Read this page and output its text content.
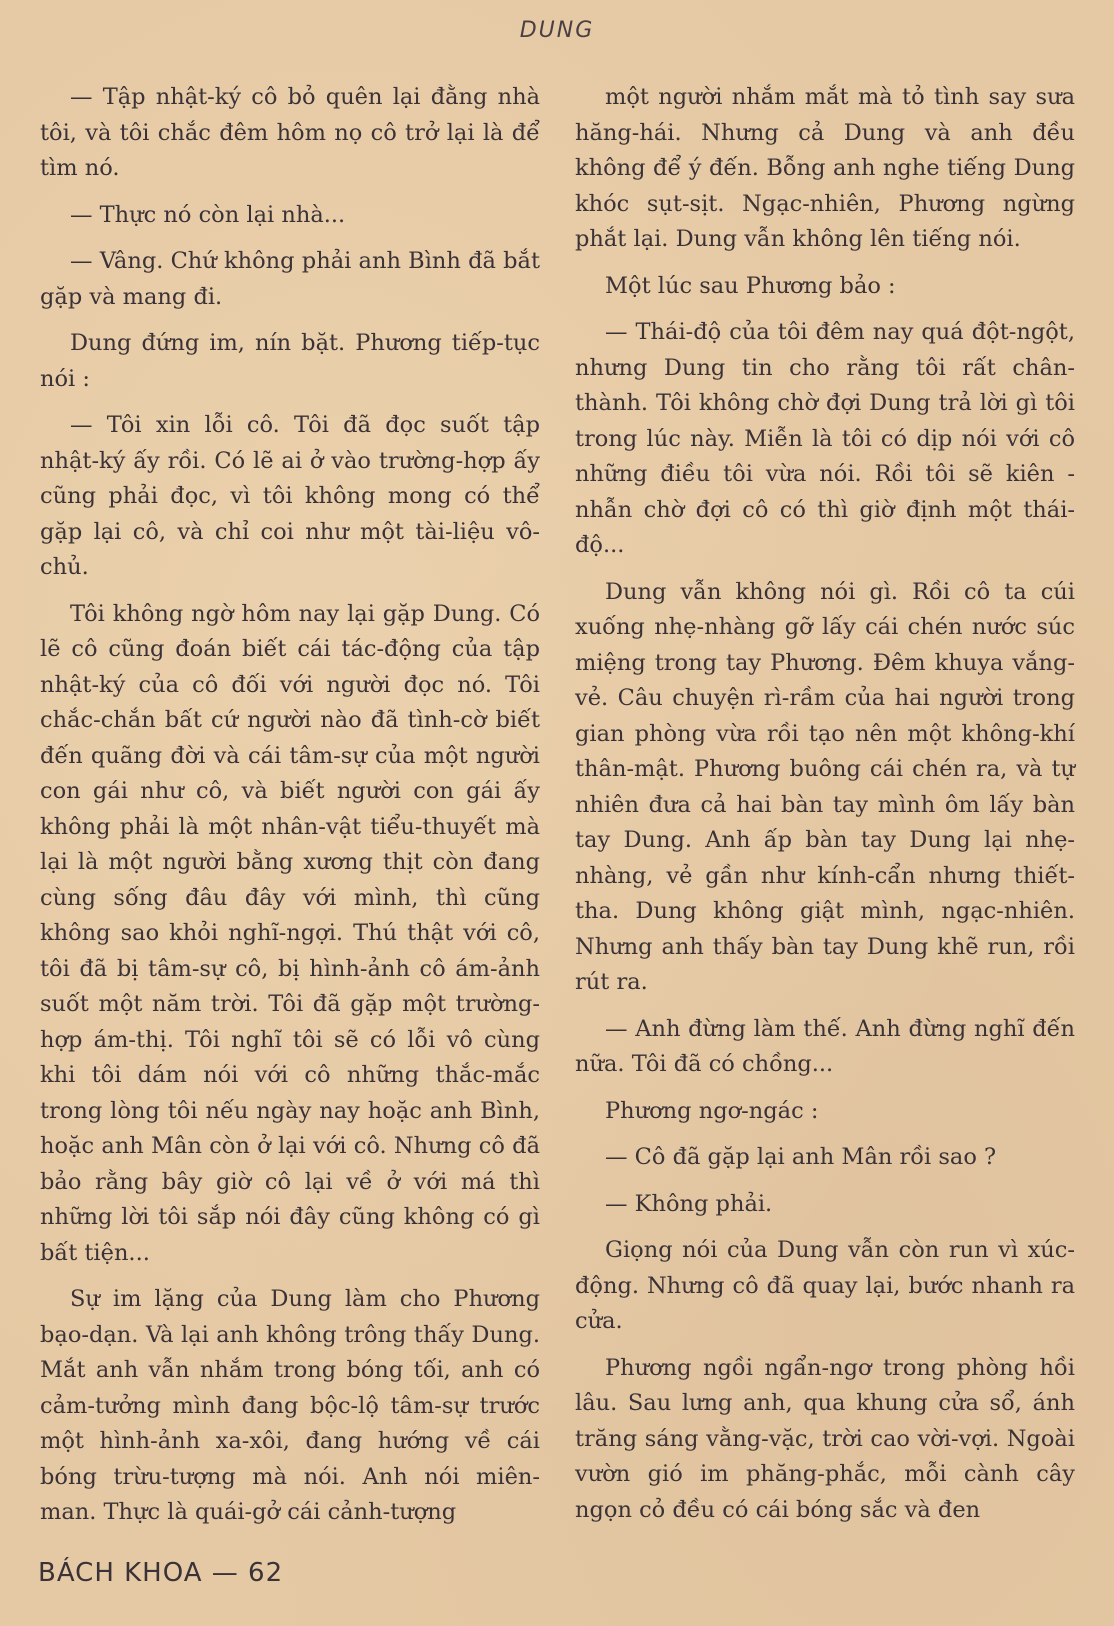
DUNG

— Tập nhật-ký cô bỏ quên lại đằng nhà tôi, và tôi chắc đêm hôm nọ cô trở lại là để tìm nó.

— Thực nó còn lại nhà...

— Vâng. Chứ không phải anh Bình đã bắt gặp và mang đi.

Dung đứng im, nín bặt. Phương tiếp-tục nói :

— Tôi xin lỗi cô. Tôi đã đọc suốt tập nhật-ký ấy rồi. Có lẽ ai ở vào trường-hợp ấy cũng phải đọc, vì tôi không mong có thể gặp lại cô, và chỉ coi như một tài-liệu vô-chủ.

Tôi không ngờ hôm nay lại gặp Dung. Có lẽ cô cũng đoán biết cái tác-động của tập nhật-ký của cô đối với người đọc nó. Tôi chắc-chắn bất cứ người nào đã tình-cờ biết đến quãng đời và cái tâm-sự của một người con gái như cô, và biết người con gái ấy không phải là một nhân-vật tiểu-thuyết mà lại là một người bằng xương thịt còn đang cùng sống đâu đây với mình, thì cũng không sao khỏi nghĩ-ngợi. Thú thật với cô, tôi đã bị tâm-sự cô, bị hình-ảnh cô ám-ảnh suốt một năm trời. Tôi đã gặp một trường-hợp ám-thị. Tôi nghĩ tôi sẽ có lỗi vô cùng khi tôi dám nói với cô những thắc-mắc trong lòng tôi nếu ngày nay hoặc anh Bình, hoặc anh Mân còn ở lại với cô. Nhưng cô đã bảo rằng bây giờ cô lại về ở với má thì những lời tôi sắp nói đây cũng không có gì bất tiện...

Sự im lặng của Dung làm cho Phương bạo-dạn. Và lại anh không trông thấy Dung. Mắt anh vẫn nhắm trong bóng tối, anh có cảm-tưởng mình đang bộc-lộ tâm-sự trước một hình-ảnh xa-xôi, đang hướng về cái bóng trừu-tượng mà nói. Anh nói miên-man. Thực là quái-gở cái cảnh-tượng

một người nhắm mắt mà tỏ tình say sưa hăng-hái. Nhưng cả Dung và anh đều không để ý đến. Bỗng anh nghe tiếng Dung khóc sụt-sịt. Ngạc-nhiên, Phương ngừng phắt lại. Dung vẫn không lên tiếng nói.

Một lúc sau Phương bảo :

— Thái-độ của tôi đêm nay quá đột-ngột, nhưng Dung tin cho rằng tôi rất chân-thành. Tôi không chờ đợi Dung trả lời gì tôi trong lúc này. Miễn là tôi có dịp nói với cô những điều tôi vừa nói. Rồi tôi sẽ kiên - nhẫn chờ đợi cô có thì giờ định một thái-độ...

Dung vẫn không nói gì. Rồi cô ta cúi xuống nhẹ-nhàng gỡ lấy cái chén nước súc miệng trong tay Phương. Đêm khuya vắng-vẻ. Câu chuyện rì-rầm của hai người trong gian phòng vừa rồi tạo nên một không-khí thân-mật. Phương buông cái chén ra, và tự nhiên đưa cả hai bàn tay mình ôm lấy bàn tay Dung. Anh ấp bàn tay Dung lại nhẹ-nhàng, vẻ gần như kính-cẩn nhưng thiết-tha. Dung không giật mình, ngạc-nhiên. Nhưng anh thấy bàn tay Dung khẽ run, rồi rút ra.

— Anh đừng làm thế. Anh đừng nghĩ đến nữa. Tôi đã có chồng...

Phương ngơ-ngác :

— Cô đã gặp lại anh Mân rồi sao ?

— Không phải.

Giọng nói của Dung vẫn còn run vì xúc-động. Nhưng cô đã quay lại, bước nhanh ra cửa.

Phương ngồi ngẩn-ngơ trong phòng hồi lâu. Sau lưng anh, qua khung cửa sổ, ánh trăng sáng vằng-vặc, trời cao vời-vợi. Ngoài vườn gió im phăng-phắc, mỗi cành cây ngọn cỏ đều có cái bóng sắc và đen

BÁCH KHOA — 62
